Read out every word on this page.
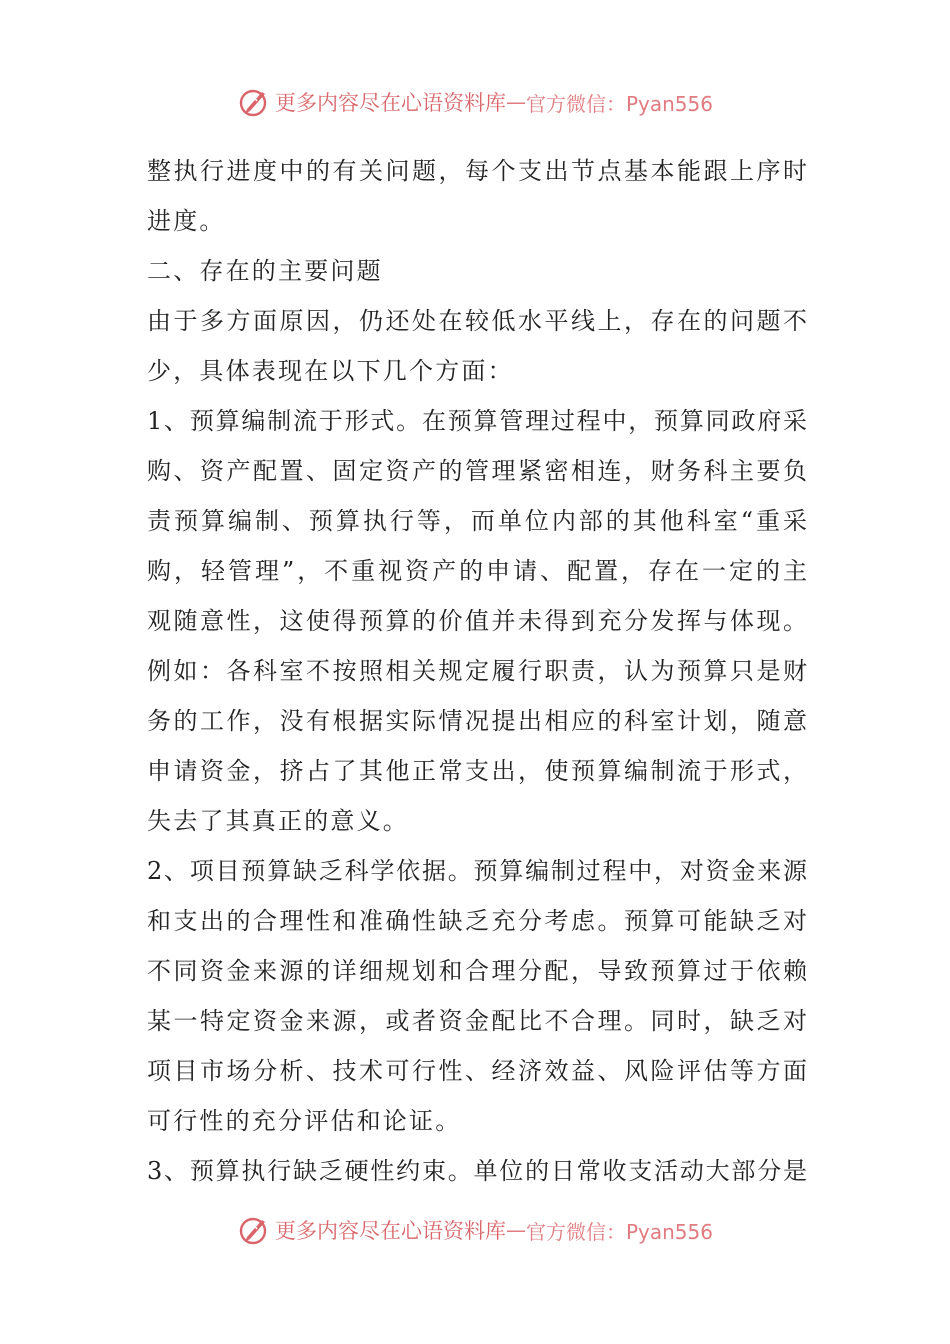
更多内容尽在心语资料库 — 官方微信：Pyan556
整执行进度中的有关问题，每个支出节点基本能跟上序时
进度。
二、存在的主要问题
由于多方面原因，仍还处在较低水平线上，存在的问题不
少，具体表现在以下几个方面：
1、预算编制流于形式。在预算管理过程中，预算同政府采
购、资产配置、固定资产的管理紧密相连，财务科主要负
责预算编制、预算执行等，而单位内部的其他科室“重采
购，轻管理”，不重视资产的申请、配置，存在一定的主
观随意性，这使得预算的价值并未得到充分发挥与体现。
例如：各科室不按照相关规定履行职责，认为预算只是财
务的工作，没有根据实际情况提出相应的科室计划，随意
申请资金，挤占了其他正常支出，使预算编制流于形式，
失去了其真正的意义。
2、项目预算缺乏科学依据。预算编制过程中，对资金来源
和支出的合理性和准确性缺乏充分考虑。预算可能缺乏对
不同资金来源的详细规划和合理分配，导致预算过于依赖
某一特定资金来源，或者资金配比不合理。同时，缺乏对
项目市场分析、技术可行性、经济效益、风险评估等方面
可行性的充分评估和论证。
3、预算执行缺乏硬性约束。单位的日常收支活动大部分是
更多内容尽在心语资料库 — 官方微信：Pyan556
